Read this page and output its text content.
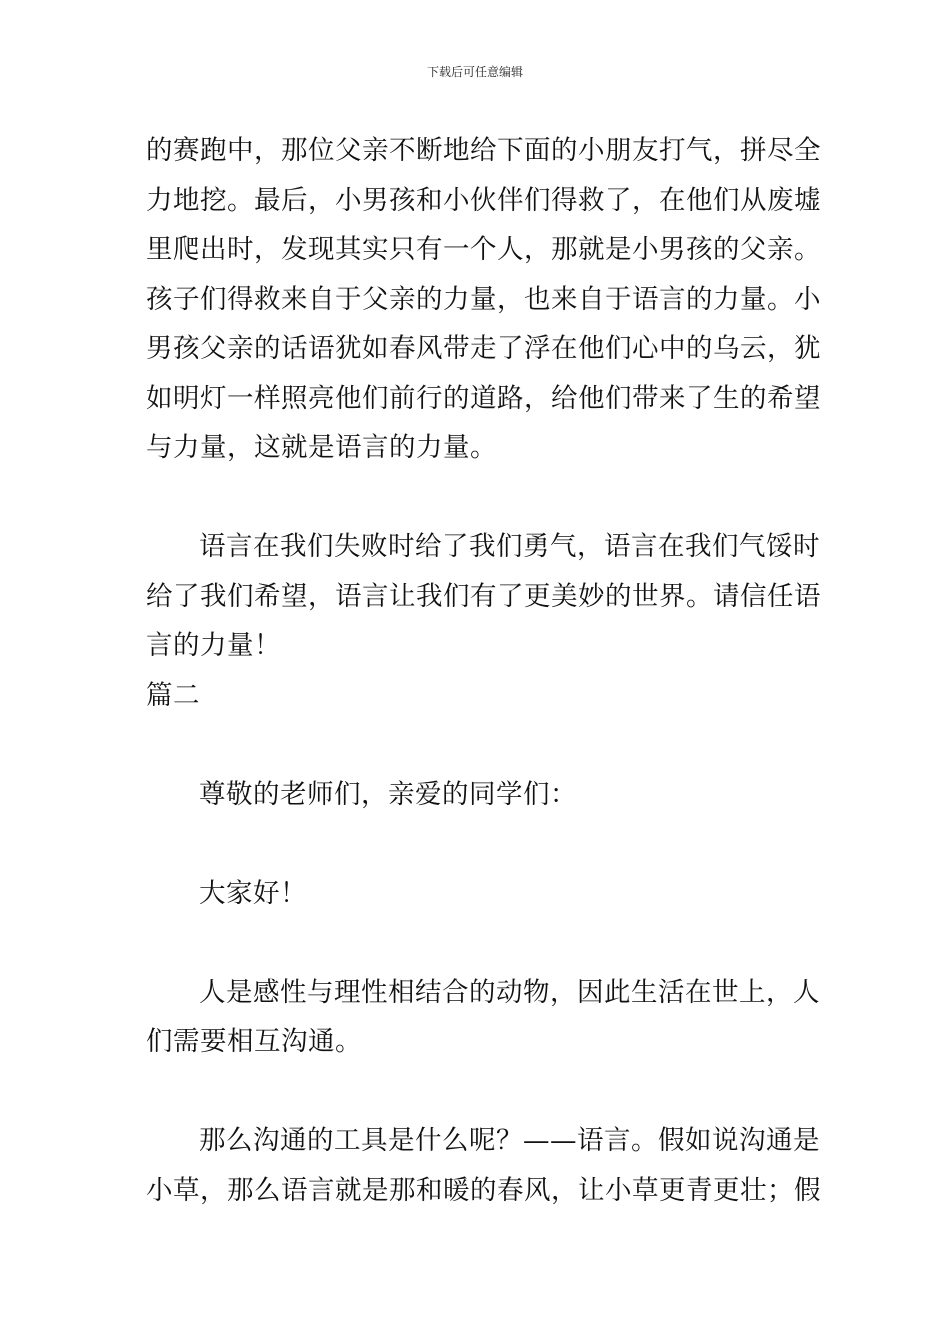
下载后可任意编辑
的赛跑中，那位父亲不断地给下面的小朋友打气，拼尽全
力地挖。最后，小男孩和小伙伴们得救了，在他们从废墟
里爬出时，发现其实只有一个人，那就是小男孩的父亲。
孩子们得救来自于父亲的力量，也来自于语言的力量。小
男孩父亲的话语犹如春风带走了浮在他们心中的乌云，犹
如明灯一样照亮他们前行的道路，给他们带来了生的希望
与力量，这就是语言的力量。
语言在我们失败时给了我们勇气，语言在我们气馁时
给了我们希望，语言让我们有了更美妙的世界。请信任语
言的力量！
篇二
尊敬的老师们，亲爱的同学们：
大家好！
人是感性与理性相结合的动物，因此生活在世上，人
们需要相互沟通。
那么沟通的工具是什么呢？——语言。假如说沟通是
小草，那么语言就是那和暖的春风，让小草更青更壮；假
